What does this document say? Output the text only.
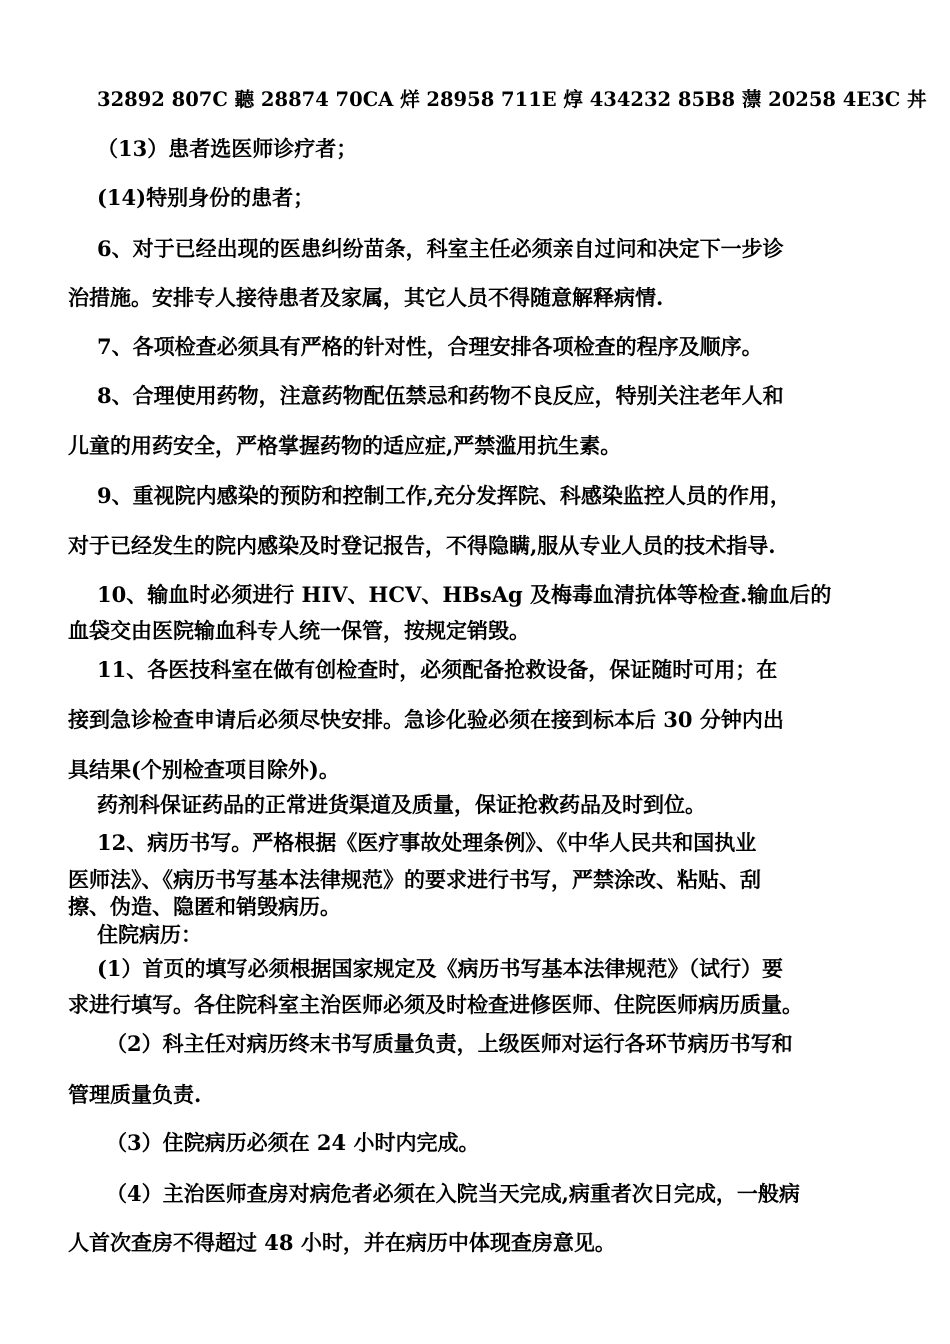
32892 807C 聽 28874 70CA 烊 28958 711E 焞 434232 85B8 薸 20258 4E3C 丼
（13）患者选医师诊疗者；
(14)特别身份的患者；
6、对于已经出现的医患纠纷苗条，科室主任必须亲自过问和决定下一步诊
治措施。安排专人接待患者及家属，其它人员不得随意解释病情.
7、各项检查必须具有严格的针对性，合理安排各项检查的程序及顺序。
8、合理使用药物，注意药物配伍禁忌和药物不良反应，特别关注老年人和
儿童的用药安全，严格掌握药物的适应症,严禁滥用抗生素。
9、重视院内感染的预防和控制工作,充分发挥院、科感染监控人员的作用，
对于已经发生的院内感染及时登记报告，不得隐瞒,服从专业人员的技术指导.
10、输血时必须进行 HIV、HCV、HBsAg 及梅毒血清抗体等检查.输血后的
血袋交由医院输血科专人统一保管，按规定销毁。
11、各医技科室在做有创检查时，必须配备抢救设备，保证随时可用；在
接到急诊检查申请后必须尽快安排。急诊化验必须在接到标本后 30 分钟内出
具结果(个别检查项目除外)。
药剂科保证药品的正常进货渠道及质量，保证抢救药品及时到位。
12、病历书写。严格根据《医疗事故处理条例》、《中华人民共和国执业
医师法》、《病历书写基本法律规范》的要求进行书写，严禁涂改、粘贴、刮
擦、伪造、隐匿和销毁病历。
住院病历：
(1）首页的填写必须根据国家规定及《病历书写基本法律规范》（试行）要
求进行填写。各住院科室主治医师必须及时检查进修医师、住院医师病历质量。
（2）科主任对病历终末书写质量负责，上级医师对运行各环节病历书写和
管理质量负责.
（3）住院病历必须在 24 小时内完成。
（4）主治医师查房对病危者必须在入院当天完成,病重者次日完成，一般病
人首次查房不得超过 48 小时，并在病历中体现查房意见。
